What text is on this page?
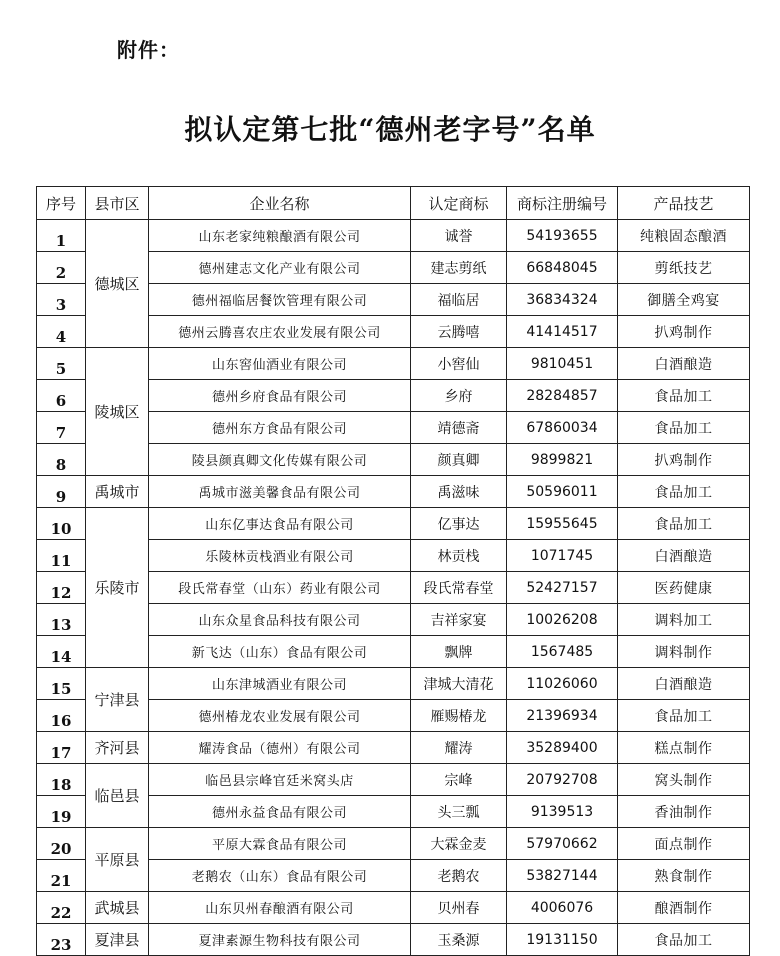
附件：
拟认定第七批“德州老字号”名单
序号	县市区	企业名称	认定商标	商标注册编号	产品技艺
1	德城区	山东老家纯粮酿酒有限公司	诚誉	54193655	纯粮固态酿酒
2		德州建志文化产业有限公司	建志剪纸	66848045	剪纸技艺
3		德州福临居餐饮管理有限公司	福临居	36834324	御膳全鸡宴
4		德州云腾喜农庄农业发展有限公司	云腾嘻	41414517	扒鸡制作
5	陵城区	山东窖仙酒业有限公司	小窖仙	9810451	白酒酿造
6		德州乡府食品有限公司	乡府	28284857	食品加工
7		德州东方食品有限公司	靖德斋	67860034	食品加工
8		陵县颜真卿文化传媒有限公司	颜真卿	9899821	扒鸡制作
9	禹城市	禹城市滋美馨食品有限公司	禹滋味	50596011	食品加工
10	乐陵市	山东亿事达食品有限公司	亿事达	15955645	食品加工
11		乐陵林贡栈酒业有限公司	林贡栈	1071745	白酒酿造
12		段氏常春堂（山东）药业有限公司	段氏常春堂	52427157	医药健康
13		山东众星食品科技有限公司	吉祥家宴	10026208	调料加工
14		新飞达（山东）食品有限公司	飘牌	1567485	调料制作
15	宁津县	山东津城酒业有限公司	津城大清花	11026060	白酒酿造
16		德州椿龙农业发展有限公司	雁赐椿龙	21396934	食品加工
17	齐河县	耀涛食品（德州）有限公司	耀涛	35289400	糕点制作
18	临邑县	临邑县宗峰官廷米窝头店	宗峰	20792708	窝头制作
19		德州永益食品有限公司	头三瓢	9139513	香油制作
20	平原县	平原大霖食品有限公司	大霖金麦	57970662	面点制作
21		老鹅农（山东）食品有限公司	老鹅农	53827144	熟食制作
22	武城县	山东贝州春酿酒有限公司	贝州春	4006076	酿酒制作
23	夏津县	夏津素源生物科技有限公司	玉桑源	19131150	食品加工
